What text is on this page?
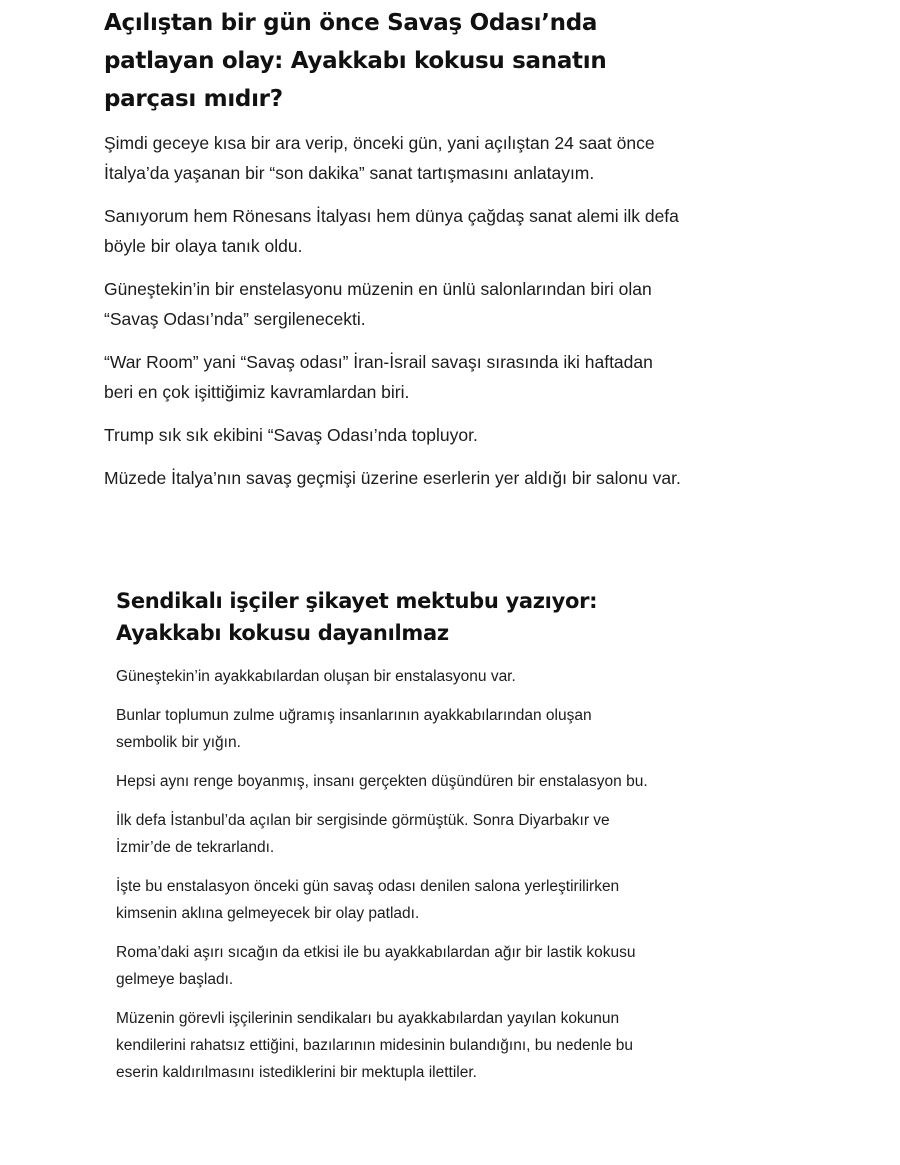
Açılıştan bir gün önce Savaş Odası’nda patlayan olay: Ayakkabı kokusu sanatın parçası mıdır?

Şimdi geceye kısa bir ara verip, önceki gün, yani açılıştan 24 saat önce İtalya’da yaşanan bir “son dakika” sanat tartışmasını anlatayım.

Sanıyorum hem Rönesans İtalyası hem dünya çağdaş sanat alemi ilk defa böyle bir olaya tanık oldu.

Güneştekin’in bir enstelasyonu müzenin en ünlü salonlarından biri olan “Savaş Odası’nda” sergilenecekti.

“War Room” yani “Savaş odası” İran-İsrail savaşı sırasında iki haftadan beri en çok işittiğimiz kavramlardan biri.

Trump sık sık ekibini “Savaş Odası’nda topluyor.

Müzede İtalya’nın savaş geçmişi üzerine eserlerin yer aldığı bir salonu var.

Sendikalı işçiler şikayet mektubu yazıyor: Ayakkabı kokusu dayanılmaz

Güneştekin’in ayakkabılardan oluşan bir enstalasyonu var.

Bunlar toplumun zulme uğramış insanlarının ayakkabılarından oluşan sembolik bir yığın.

Hepsi aynı renge boyanmış, insanı gerçekten düşündüren bir enstalasyon bu.

İlk defa İstanbul’da açılan bir sergisinde görmüştük. Sonra Diyarbakır ve İzmir’de de tekrarlandı.

İşte bu enstalasyon önceki gün savaş odası denilen salona yerleştirilirken kimsenin aklına gelmeyecek bir olay patladı.

Roma’daki aşırı sıcağın da etkisi ile bu ayakkabılardan ağır bir lastik kokusu gelmeye başladı.

Müzenin görevli işçilerinin sendikaları bu ayakkabılardan yayılan kokunun kendilerini rahatsız ettiğini, bazılarının midesinin bulandığını, bu nedenle bu eserin kaldırılmasını istediklerini bir mektupla ilettiler.
